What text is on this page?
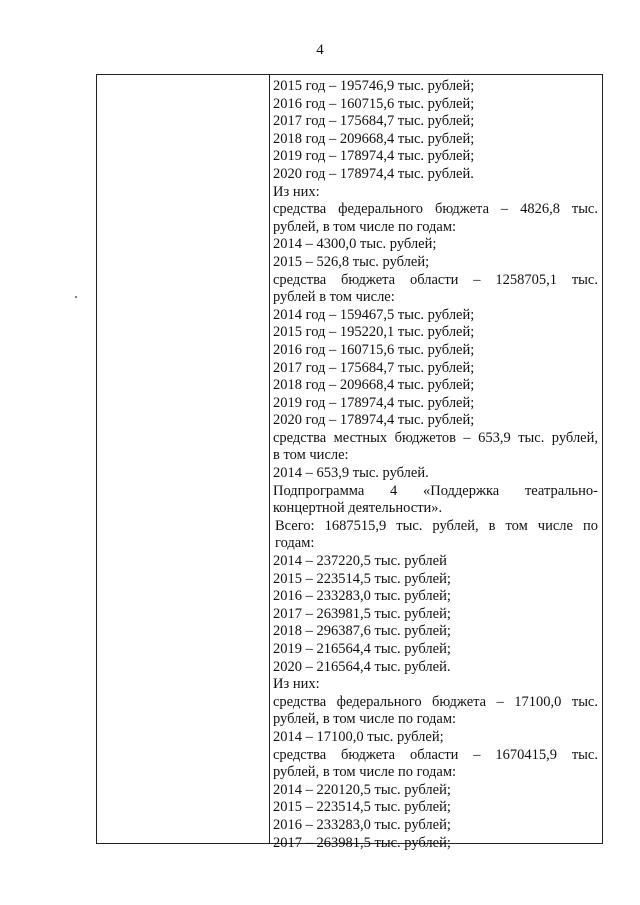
4
2015 год – 195746,9 тыс. рублей;
2016 год – 160715,6 тыс. рублей;
2017 год – 175684,7 тыс. рублей;
2018 год – 209668,4 тыс. рублей;
2019 год – 178974,4 тыс. рублей;
2020 год – 178974,4 тыс. рублей.
Из них:
средства федерального бюджета – 4826,8 тыс.
рублей, в том числе по годам:
2014 – 4300,0 тыс. рублей;
2015 – 526,8 тыс. рублей;
средства бюджета области – 1258705,1 тыс.
рублей в том числе:
2014 год – 159467,5 тыс. рублей;
2015 год – 195220,1 тыс. рублей;
2016 год – 160715,6 тыс. рублей;
2017 год – 175684,7 тыс. рублей;
2018 год – 209668,4 тыс. рублей;
2019 год – 178974,4 тыс. рублей;
2020 год – 178974,4 тыс. рублей;
средства местных бюджетов – 653,9 тыс. рублей,
в том числе:
2014 – 653,9 тыс. рублей.
Подпрограмма 4 «Поддержка театрально-
концертной деятельности».
Всего: 1687515,9 тыс. рублей, в том числе по
годам:
2014 – 237220,5 тыс. рублей
2015 – 223514,5 тыс. рублей;
2016 – 233283,0 тыс. рублей;
2017 – 263981,5 тыс. рублей;
2018 – 296387,6 тыс. рублей;
2019 – 216564,4 тыс. рублей;
2020 – 216564,4 тыс. рублей.
Из них:
средства федерального бюджета – 17100,0 тыс.
рублей, в том числе по годам:
2014 – 17100,0 тыс. рублей;
средства бюджета области – 1670415,9 тыс.
рублей, в том числе по годам:
2014 – 220120,5 тыс. рублей;
2015 – 223514,5 тыс. рублей;
2016 – 233283,0 тыс. рублей;
2017 – 263981,5 тыс. рублей;
